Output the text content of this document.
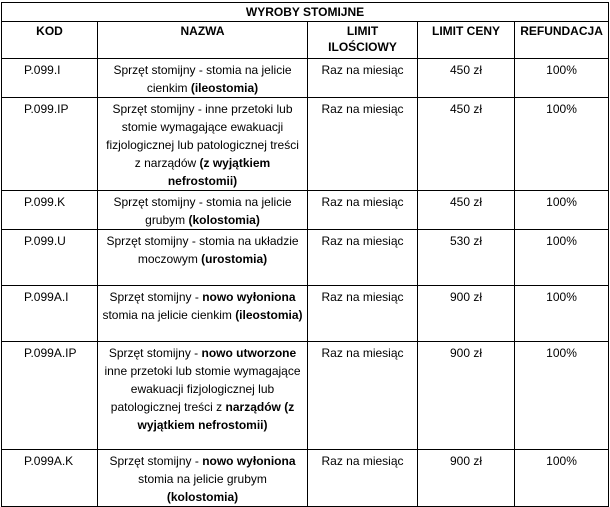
WYROBY STOMIJNE				
KOD	NAZWA	LIMIT ILOŚCIOWY	LIMIT CENY	REFUNDACJA
P.099.I	Sprzęt stomijny - stomia na jelicie cienkim (ileostomia)	Raz na miesiąc	450 zł	100%
P.099.IP	Sprzęt stomijny - inne przetoki lub stomie wymagające ewakuacji fizjologicznej lub patologicznej treści z narządów (z wyjątkiem nefrostomii)	Raz na miesiąc	450 zł	100%
P.099.K	Sprzęt stomijny - stomia na jelicie grubym (kolostomia)	Raz na miesiąc	450 zł	100%
P.099.U	Sprzęt stomijny - stomia na układzie moczowym (urostomia)	Raz na miesiąc	530 zł	100%
P.099A.I	Sprzęt stomijny - nowo wyłoniona stomia na jelicie cienkim (ileostomia)	Raz na miesiąc	900 zł	100%
P.099A.IP	Sprzęt stomijny - nowo utworzone inne przetoki lub stomie wymagające ewakuacji fizjologicznej lub patologicznej treści z narządów (z wyjątkiem nefrostomii)	Raz na miesiąc	900 zł	100%
P.099A.K	Sprzęt stomijny - nowo wyłoniona stomia na jelicie grubym (kolostomia)	Raz na miesiąc	900 zł	100%
